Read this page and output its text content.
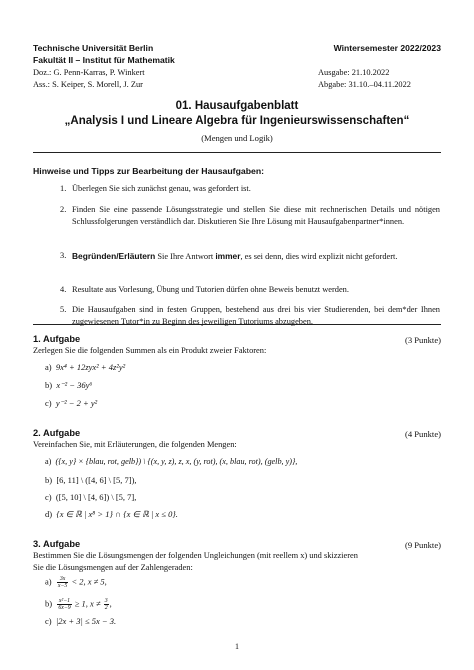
Technische Universität Berlin	Wintersemester 2022/2023
Fakultät II – Institut für Mathematik
Doz.: G. Penn-Karras, P. Winkert	Ausgabe: 21.10.2022
Ass.: S. Keiper, S. Morell, J. Zur	Abgabe: 31.10.–04.11.2022
01. Hausaufgabenblatt
„Analysis I und Lineare Algebra für Ingenieurswissenschaften“
(Mengen und Logik)
Hinweise und Tipps zur Bearbeitung der Hausaufgaben:
1. Überlegen Sie sich zunächst genau, was gefordert ist.
2. Finden Sie eine passende Lösungsstrategie und stellen Sie diese mit rechnerischen Details und nötigen Schlussfolgerungen verständlich dar. Diskutieren Sie Ihre Lösung mit Hausaufgabenpartner*innen.
3. Begründen/Erläutern Sie Ihre Antwort immer, es sei denn, dies wird explizit nicht gefordert.
4. Resultate aus Vorlesung, Übung und Tutorien dürfen ohne Beweis benutzt werden.
5. Die Hausaufgaben sind in festen Gruppen, bestehend aus drei bis vier Studierenden, bei dem*der Ihnen zugewiesenen Tutor*in zu Beginn des jeweiligen Tutoriums abzugeben.
1. Aufgabe	(3 Punkte)
Zerlegen Sie die folgenden Summen als ein Produkt zweier Faktoren:
a) 9x⁴ + 12zyx² + 4z²y²
b) x⁻² − 36y⁶
c) y⁻² − 2 + y²
2. Aufgabe	(4 Punkte)
Vereinfachen Sie, mit Erläuterungen, die folgenden Mengen:
a) ({x, y} × {blau, rot, gelb}) \ {(x, y, z), z, x, (y, rot), (x, blau, rot), (gelb, y)},
b) [6, 11] \ ([4, 6] \ [5, 7]),
c) ([5, 10] \ [4, 6]) \ [5, 7],
d) {x ∈ ℝ | x⁸ > 1} ∩ {x ∈ ℝ | x ≤ 0}.
3. Aufgabe	(9 Punkte)
Bestimmen Sie die Lösungsmengen der folgenden Ungleichungen (mit reellem x) und skizzieren
Sie die Lösungsmengen auf der Zahlengeraden:
$a) \frac{3x}{x-5} < 2$, x ≠ 5,
$b) \frac{\text{x²−1}}{6x-9} \ge 1$, $x \ne \frac{3}{2}$ ,
c) |2x + 3| ≤ 5x − 3.
1
